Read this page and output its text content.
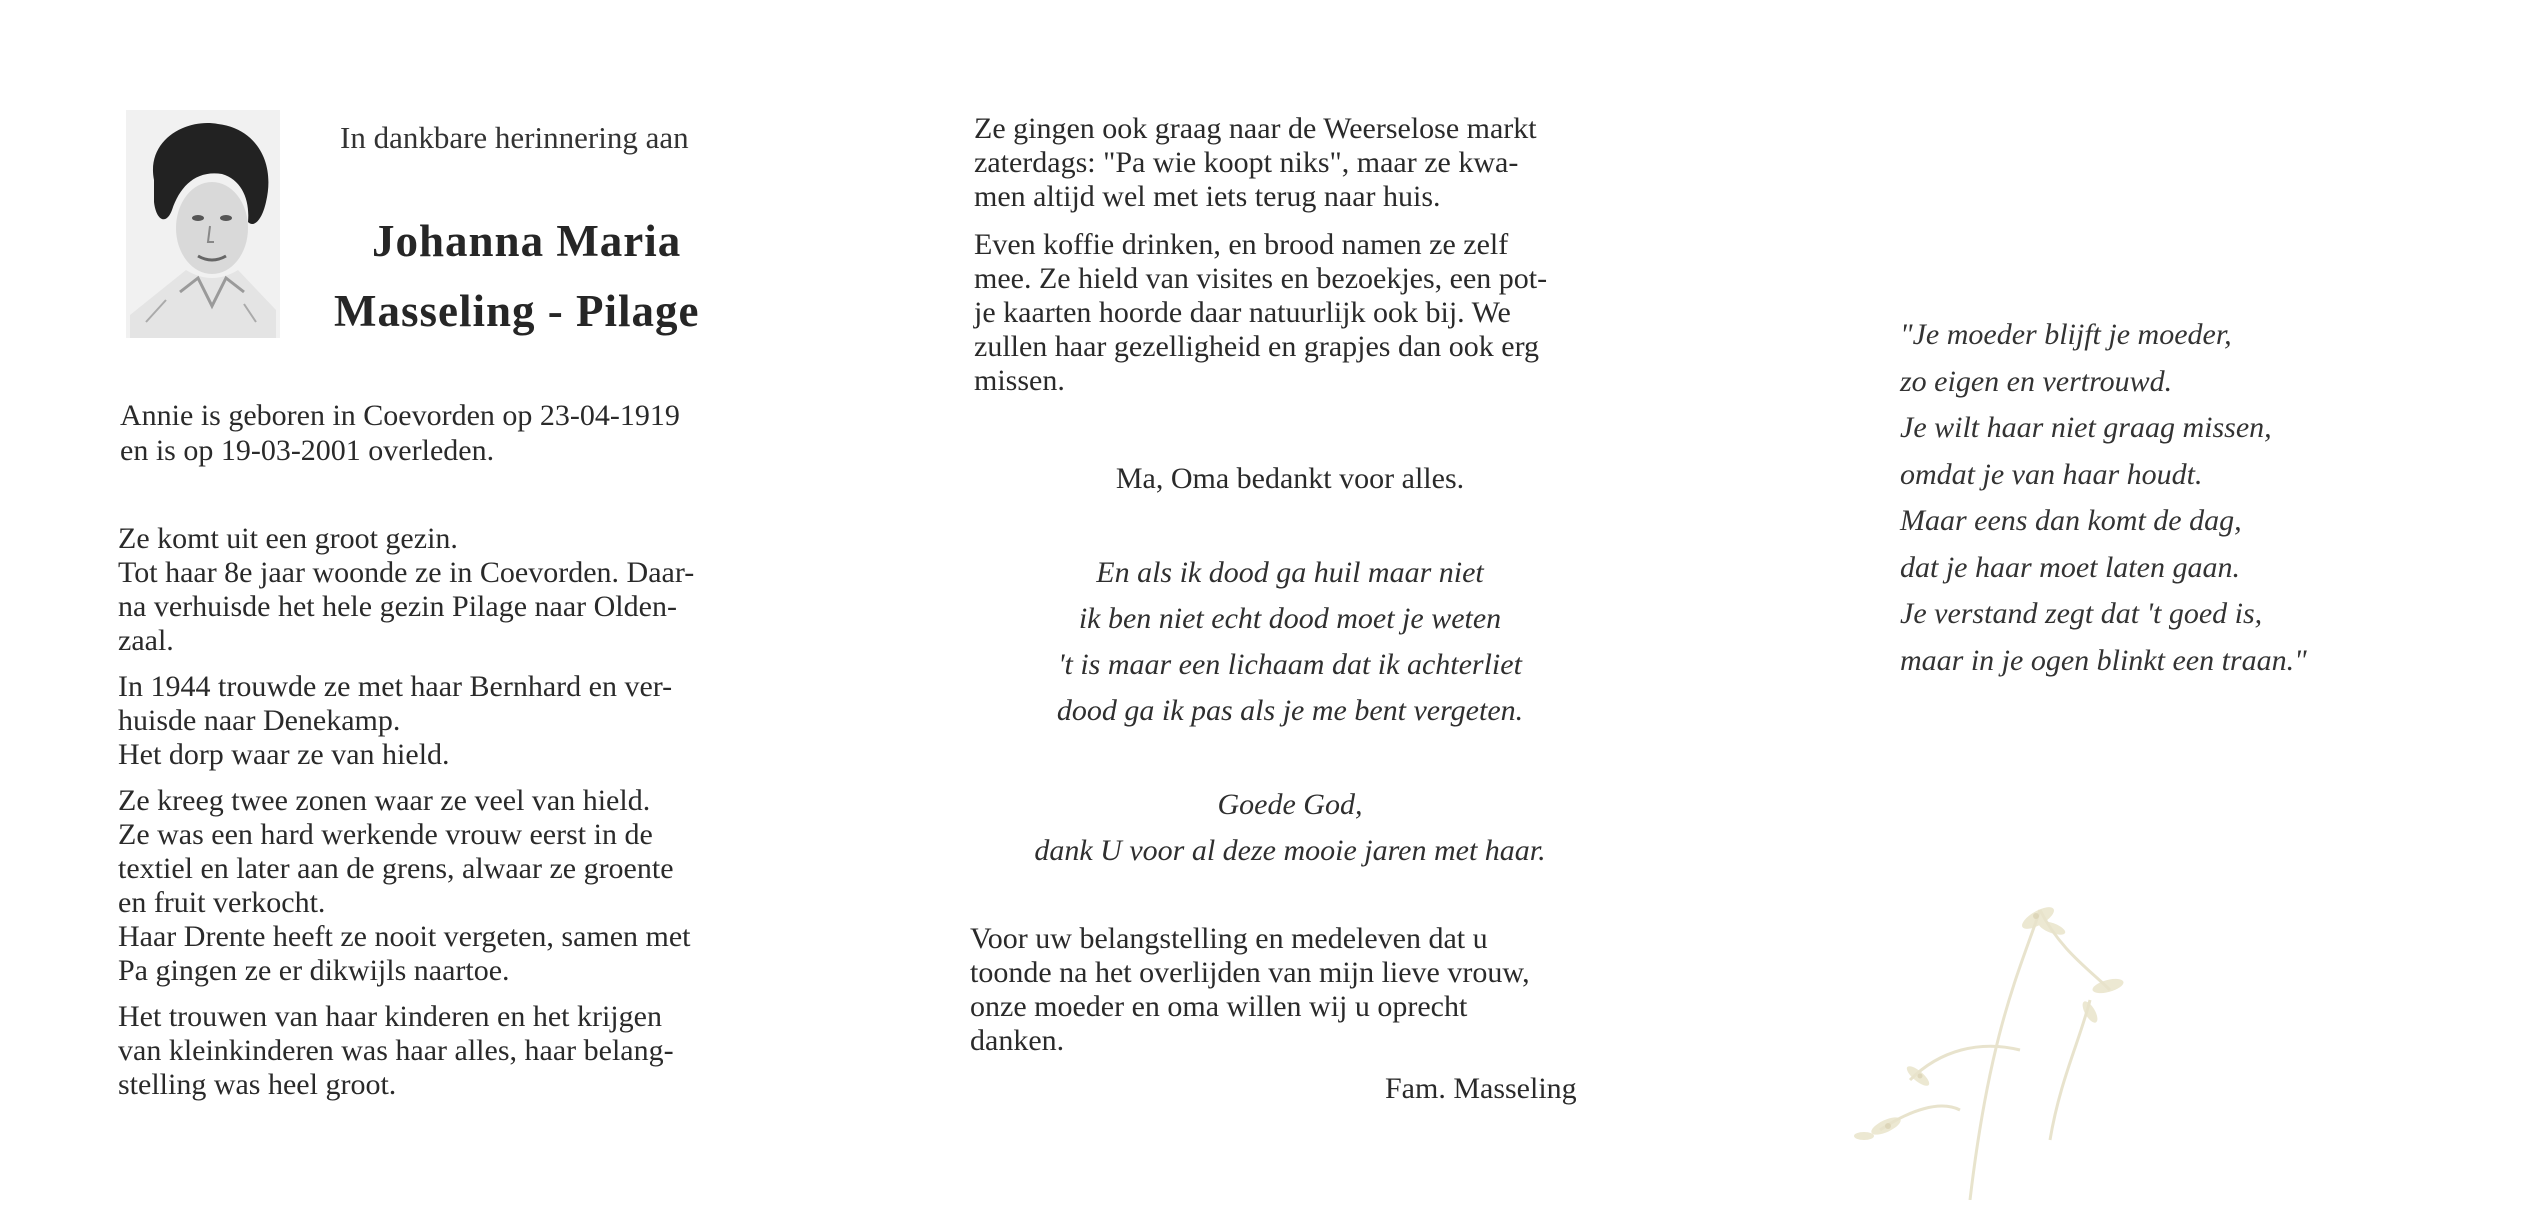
In dankbare herinnering aan
Johanna Maria
Masseling - Pilage
Annie is geboren in Coevorden op 23-04-1919
en is op 19-03-2001 overleden.

Ze komt uit een groot gezin.
Tot haar 8e jaar woonde ze in Coevorden. Daar-
na verhuisde het hele gezin Pilage naar Olden-
zaal.

In 1944 trouwde ze met haar Bernhard en ver-
huisde naar Denekamp.
Het dorp waar ze van hield.

Ze kreeg twee zonen waar ze veel van hield.
Ze was een hard werkende vrouw eerst in de
textiel en later aan de grens, alwaar ze groente
en fruit verkocht.
Haar Drente heeft ze nooit vergeten, samen met
Pa gingen ze er dikwijls naartoe.

Het trouwen van haar kinderen en het krijgen
van kleinkinderen was haar alles, haar belang-
stelling was heel groot.

Ze gingen ook graag naar de Weerselose markt
zaterdags: "Pa wie koopt niks", maar ze kwa-
men altijd wel met iets terug naar huis.
Even koffie drinken, en brood namen ze zelf
mee. Ze hield van visites en bezoekjes, een pot-
je kaarten hoorde daar natuurlijk ook bij. We
zullen haar gezelligheid en grapjes dan ook erg
missen.
Ma, Oma bedankt voor alles.
En als ik dood ga huil maar niet
ik ben niet echt dood moet je weten
't is maar een lichaam dat ik achterliet
dood ga ik pas als je me bent vergeten.
Goede God,
dank U voor al deze mooie jaren met haar.
Voor uw belangstelling en medeleven dat u
toonde na het overlijden van mijn lieve vrouw,
onze moeder en oma willen wij u oprecht
danken.
Fam. Masseling
"Je moeder blijft je moeder,
zo eigen en vertrouwd.
Je wilt haar niet graag missen,
omdat je van haar houdt.
Maar eens dan komt de dag,
dat je haar moet laten gaan.
Je verstand zegt dat 't goed is,
maar in je ogen blinkt een traan."
